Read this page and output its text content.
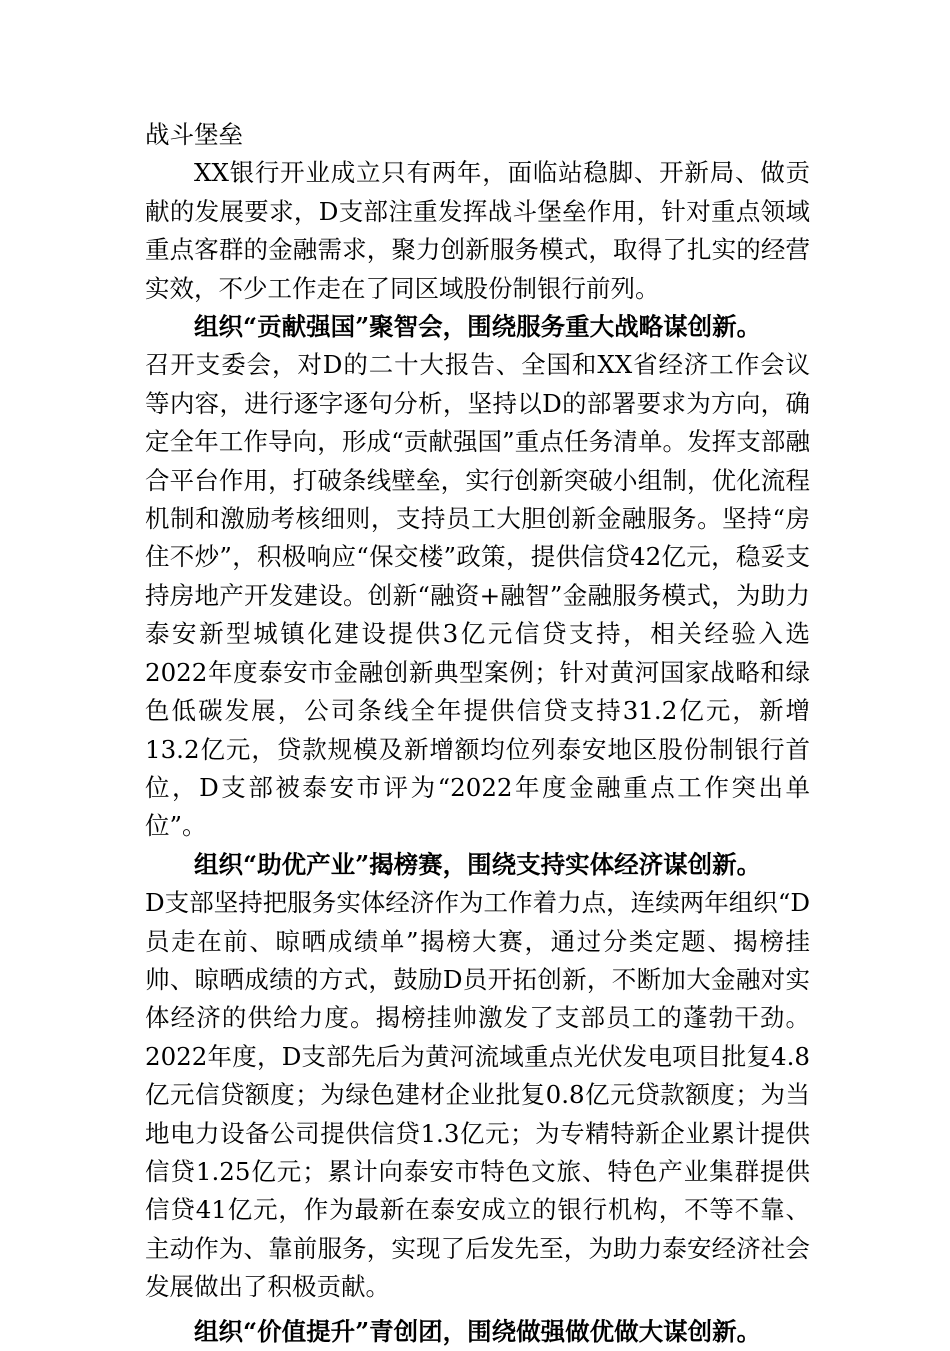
战斗堡垒

XX银行开业成立只有两年，面临站稳脚、开新局、做贡献的发展要求，D支部注重发挥战斗堡垒作用，针对重点领域重点客群的金融需求，聚力创新服务模式，取得了扎实的经营实效，不少工作走在了同区域股份制银行前列。

组织“贡献强国”聚智会，围绕服务重大战略谋创新。

召开支委会，对D的二十大报告、全国和XX省经济工作会议等内容，进行逐字逐句分析，坚持以D的部署要求为方向，确定全年工作导向，形成“贡献强国”重点任务清单。发挥支部融合平台作用，打破条线壁垒，实行创新突破小组制，优化流程机制和激励考核细则，支持员工大胆创新金融服务。坚持“房住不炒”，积极响应“保交楼”政策，提供信贷42亿元，稳妥支持房地产开发建设。创新“融资+融智”金融服务模式，为助力泰安新型城镇化建设提供3亿元信贷支持，相关经验入选2022年度泰安市金融创新典型案例；针对黄河国家战略和绿色低碳发展，公司条线全年提供信贷支持31.2亿元，新增13.2亿元，贷款规模及新增额均位列泰安地区股份制银行首位，D支部被泰安市评为“2022年度金融重点工作突出单位”。

组织“助优产业”揭榜赛，围绕支持实体经济谋创新。

D支部坚持把服务实体经济作为工作着力点，连续两年组织“D员走在前、晾晒成绩单”揭榜大赛，通过分类定题、揭榜挂帅、晾晒成绩的方式，鼓励D员开拓创新，不断加大金融对实体经济的供给力度。揭榜挂帅激发了支部员工的蓬勃干劲。2022年度，D支部先后为黄河流域重点光伏发电项目批复4.8亿元信贷额度；为绿色建材企业批复0.8亿元贷款额度；为当地电力设备公司提供信贷1.3亿元；为专精特新企业累计提供信贷1.25亿元；累计向泰安市特色文旅、特色产业集群提供信贷41亿元，作为最新在泰安成立的银行机构，不等不靠、主动作为、靠前服务，实现了后发先至，为助力泰安经济社会发展做出了积极贡献。

组织“价值提升”青创团，围绕做强做优做大谋创新。
